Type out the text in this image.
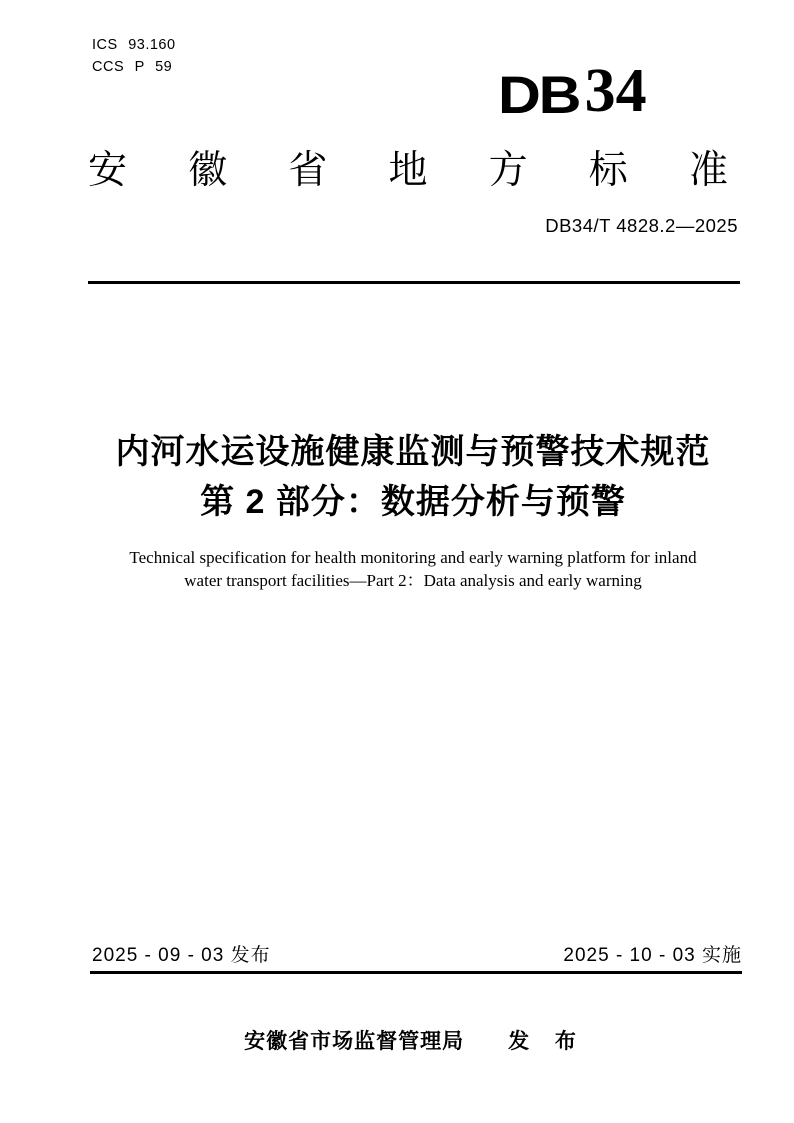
ICS 93.160
CCS P 59	DB 34
安 徽 省 地 方 标 准
DB34/T 4828.2—2025
内河水运设施健康监测与预警技术规范
第 2 部分：数据分析与预警
Technical specification for health monitoring and early warning platform for inland
water transport facilities—Part 2：Data analysis and early warning
2025 - 09 - 03 发布	2025 - 10 - 03 实施
安徽省市场监督管理局 发 布
